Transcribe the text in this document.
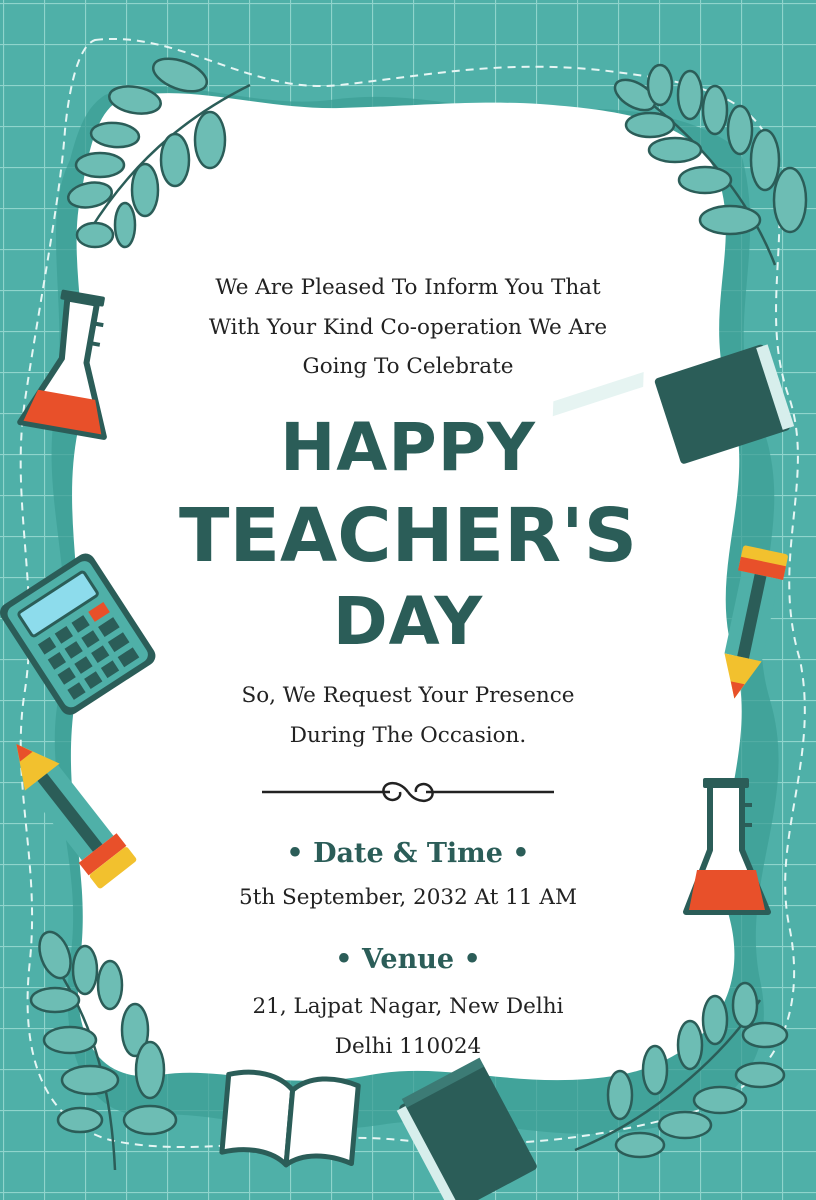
We Are Pleased To Inform You That
With Your Kind Co-operation We Are
Going To Celebrate

HAPPY
TEACHER'S
DAY

So, We Request Your Presence
During The Occasion.

• Date & Time •
5th September, 2032 At 11 AM
• Venue •

21, Lajpat Nagar, New Delhi
Delhi 110024
